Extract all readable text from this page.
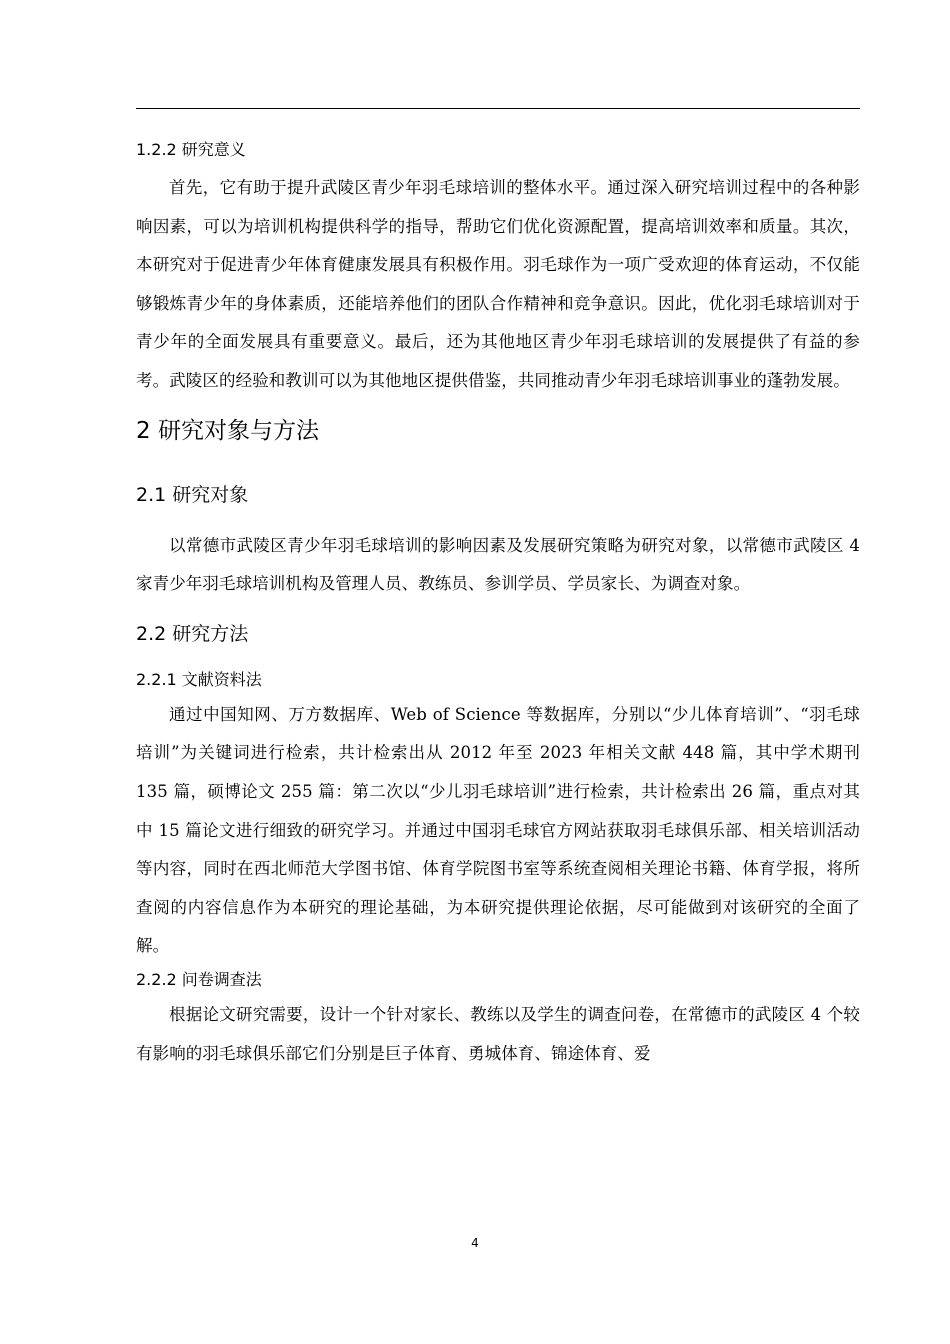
1.2.2 研究意义

首先，它有助于提升武陵区青少年羽毛球培训的整体水平。通过深入研究培训过程中的各种影响因素，可以为培训机构提供科学的指导，帮助它们优化资源配置，提高培训效率和质量。其次，本研究对于促进青少年体育健康发展具有积极作用。羽毛球作为一项广受欢迎的体育运动，不仅能够锻炼青少年的身体素质，还能培养他们的团队合作精神和竞争意识。因此，优化羽毛球培训对于青少年的全面发展具有重要意义。最后，还为其他地区青少年羽毛球培训的发展提供了有益的参考。武陵区的经验和教训可以为其他地区提供借鉴，共同推动青少年羽毛球培训事业的蓬勃发展。

2 研究对象与方法
2.1 研究对象

以常德市武陵区青少年羽毛球培训的影响因素及发展研究策略为研究对象，以常德市武陵区 4 家青少年羽毛球培训机构及管理人员、教练员、参训学员、学员家长、为调查对象。

2.2 研究方法
2.2.1 文献资料法

通过中国知网、万方数据库、Web of Science 等数据库，分别以“少儿体育培训”、“羽毛球培训”为关键词进行检索，共计检索出从 2012 年至 2023 年相关文献 448 篇，其中学术期刊 135 篇，硕博论文 255 篇：第二次以“少儿羽毛球培训”进行检索，共计检索出 26 篇，重点对其中 15 篇论文进行细致的研究学习。并通过中国羽毛球官方网站获取羽毛球俱乐部、相关培训活动等内容，同时在西北师范大学图书馆、体育学院图书室等系统查阅相关理论书籍、体育学报，将所查阅的内容信息作为本研究的理论基础，为本研究提供理论依据，尽可能做到对该研究的全面了解。

2.2.2 问卷调查法

根据论文研究需要，设计一个针对家长、教练以及学生的调查问卷，在常德市的武陵区 4 个较有影响的羽毛球俱乐部它们分别是巨子体育、勇城体育、锦途体育、爱

4
